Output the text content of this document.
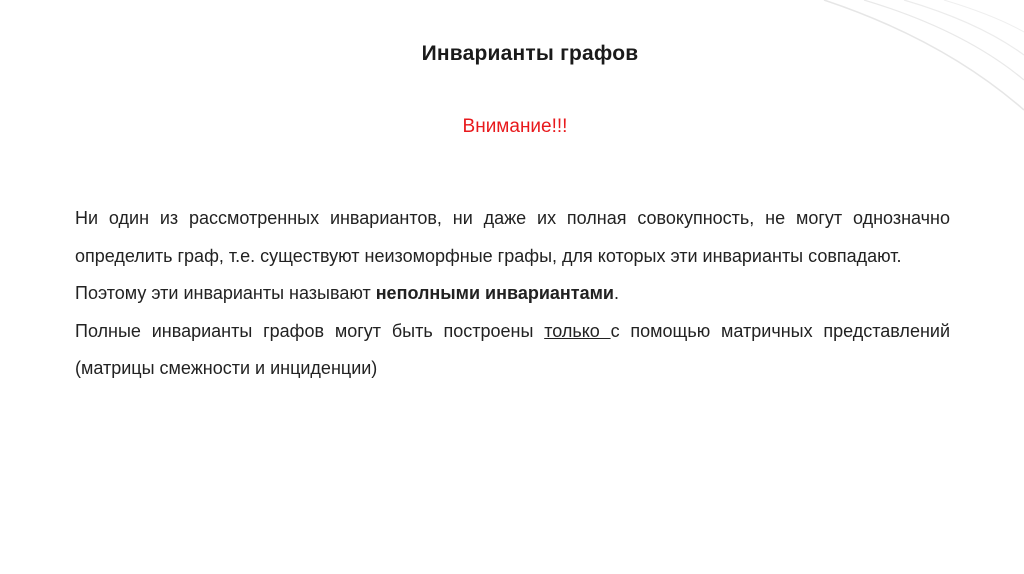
Инварианты графов
Внимание!!!

Ни один из рассмотренных инвариантов, ни даже их полная совокупность, не могут однозначно определить граф, т.е. существуют неизоморфные графы, для которых эти инварианты совпадают.

Поэтому эти инварианты называют неполными инвариантами.

Полные инварианты графов могут быть построены только с помощью матричных представлений (матрицы смежности и инциденции)
